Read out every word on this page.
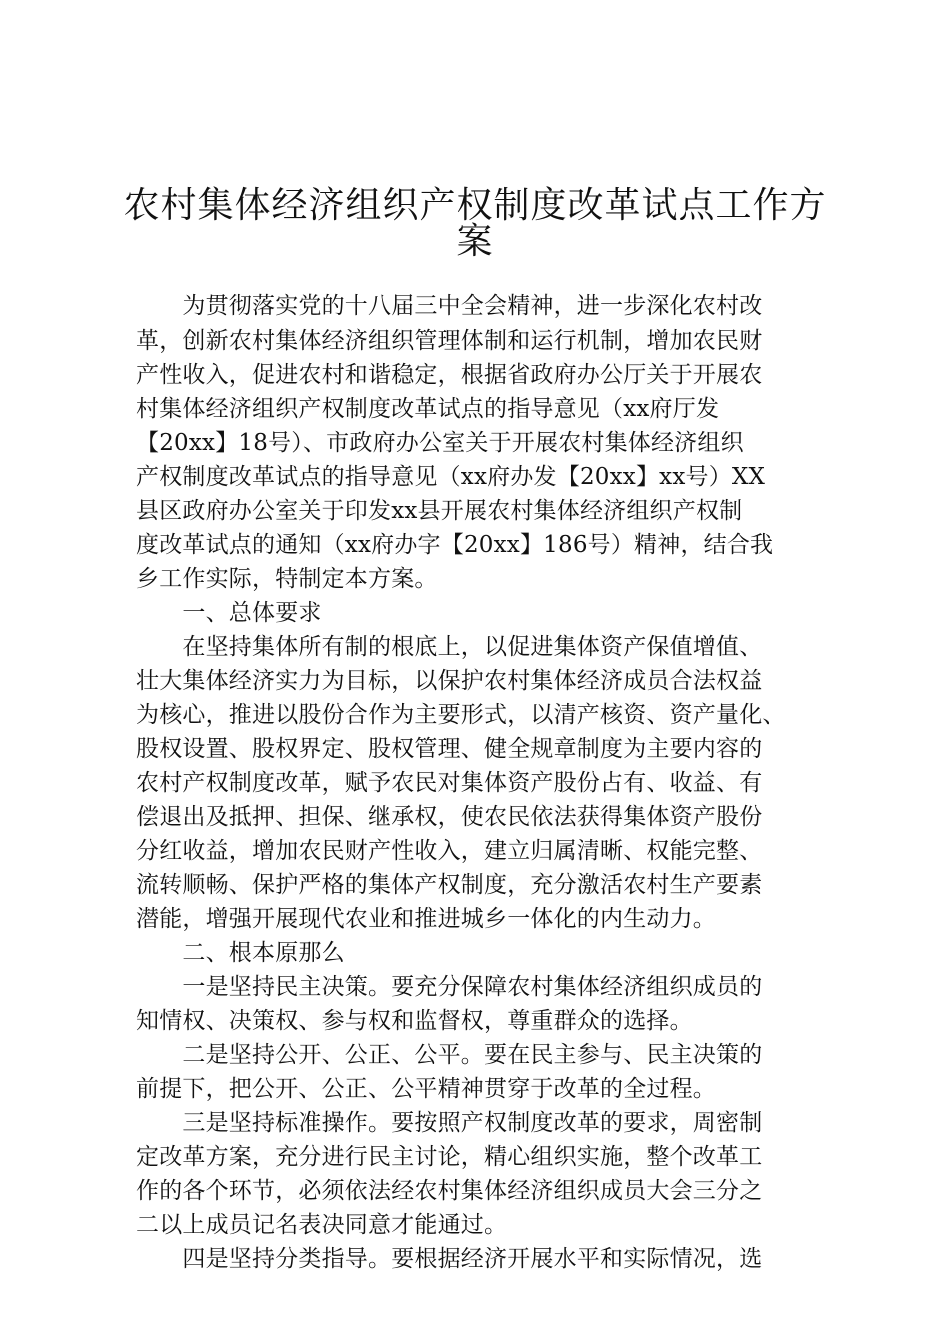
农村集体经济组织产权制度改革试点工作方
案
　　为贯彻落实党的十八届三中全会精神，进一步深化农村改
革，创新农村集体经济组织管理体制和运行机制，增加农民财
产性收入，促进农村和谐稳定，根据省政府办公厅关于开展农
村集体经济组织产权制度改革试点的指导意见（xx府厅发
【20xx】18号）、市政府办公室关于开展农村集体经济组织
产权制度改革试点的指导意见（xx府办发【20xx】xx号）XX
县区政府办公室关于印发xx县开展农村集体经济组织产权制
度改革试点的通知（xx府办字【20xx】186号）精神，结合我
乡工作实际，特制定本方案。
　　一、总体要求
　　在坚持集体所有制的根底上，以促进集体资产保值增值、
壮大集体经济实力为目标，以保护农村集体经济成员合法权益
为核心，推进以股份合作为主要形式，以清产核资、资产量化、
股权设置、股权界定、股权管理、健全规章制度为主要内容的
农村产权制度改革，赋予农民对集体资产股份占有、收益、有
偿退出及抵押、担保、继承权，使农民依法获得集体资产股份
分红收益，增加农民财产性收入，建立归属清晰、权能完整、
流转顺畅、保护严格的集体产权制度，充分激活农村生产要素
潜能，增强开展现代农业和推进城乡一体化的内生动力。
　　二、根本原那么
　　一是坚持民主决策。要充分保障农村集体经济组织成员的
知情权、决策权、参与权和监督权，尊重群众的选择。
　　二是坚持公开、公正、公平。要在民主参与、民主决策的
前提下，把公开、公正、公平精神贯穿于改革的全过程。
　　三是坚持标准操作。要按照产权制度改革的要求，周密制
定改革方案，充分进行民主讨论，精心组织实施，整个改革工
作的各个环节，必须依法经农村集体经济组织成员大会三分之
二以上成员记名表决同意才能通过。
　　四是坚持分类指导。要根据经济开展水平和实际情况，选
